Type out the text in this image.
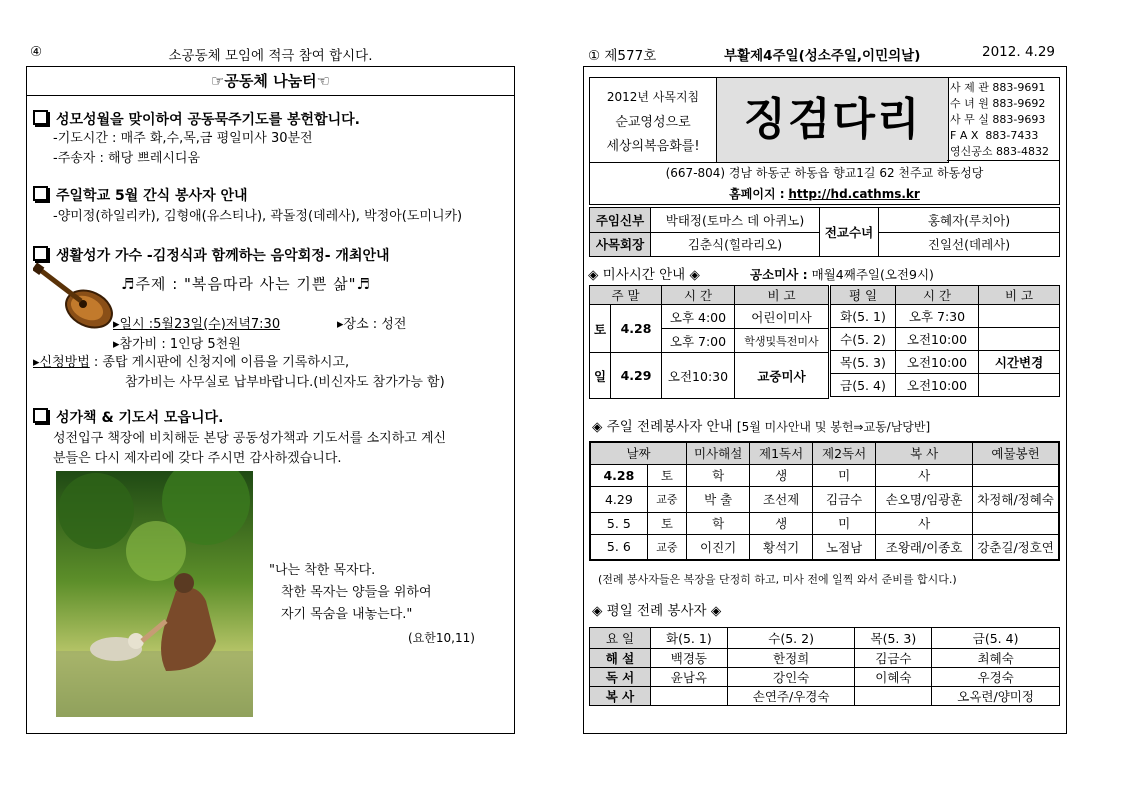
④	소공동체 모임에 적극 참여 합시다.
☞공동체 나눔터☜
성모성월을 맞이하여 공동묵주기도를 봉헌합니다.
-기도시간 : 매주 화,수,목,금 평일미사 30분전
-주송자 : 해당 쁘레시디움
주일학교 5월 간식 봉사자 안내
-양미정(하일리카), 김형애(유스티나), 곽돌정(데레사), 박정아(도미니카)
생활성가 가수 -김정식과 함께하는 음악회정- 개최안내
♬주제 : "복음따라 사는 기쁜 삶"♬
▸일시 :5월23일(수)저녁7:30	▸장소 : 성전
▸참가비 : 1인당 5천원
▸신청방법 : 종탑 게시판에 신청지에 이름을 기록하시고,
참가비는 사무실로 납부바랍니다.(비신자도 참가가능 함)
성가책 & 기도서 모읍니다.
성전입구 책장에 비치해둔 본당 공동성가책과 기도서를 소지하고 계신
분들은 다시 제자리에 갖다 주시면 감사하겠습니다.
"나는 착한 목자다.
착한 목자는 양들을 위하여
자기 목숨을 내놓는다."
(요한10,11)
① 제577호	부활제4주일(성소주일,이민의날)	2012. 4.29
2012년 사목지침
순교영성으로
세상의복음화를!
징검다리
사 제 관 883-9691
수 녀 원 883-9692
사 무 실 883-9693
F A X 883-7433
영신공소 883-4832
(667-804) 경남 하동군 하동읍 향교1길 62 천주교 하동성당
홈페이지 : http://hd.cathms.kr
주임신부	박태정(토마스 데 아퀴노)	전교수녀	홍혜자(루치아)
사목회장	김춘식(힐라리오)		진일선(데레사)
◈ 미사시간 안내 ◈	공소미사 : 매월4째주일(오전9시)
주 말		시 간	비 고
토	4.28	오후 4:00	어린이미사
		오후 7:00	학생및특전미사
일	4.29	오전10:30	교중미사
평 일	시 간	비 고
화(5. 1)	오후 7:30	
수(5. 2)	오전10:00	
목(5. 3)	오전10:00	시간변경
금(5. 4)	오전10:00	
◈ 주일 전례봉사자 안내 [5월 미사안내 및 봉헌⇒교동/남당반]
날짜		미사해설	제1독서	제2독서	복 사	예물봉헌
4.28	토	학	생	미	사	
4.29	교중	박 출	조선제	김금수	손오명/임광훈	차정해/정혜숙
5. 5	토	학	생	미	사	
5. 6	교중	이진기	황석기	노점남	조왕래/이종호	강춘길/정호연
(전례 봉사자들은 복장을 단정히 하고, 미사 전에 일찍 와서 준비를 합시다.)
◈ 평일 전례 봉사자 ◈
요 일	화(5. 1)	수(5. 2)	목(5. 3)	금(5. 4)
해 설	백경동	한정희	김금수	최혜숙
독 서	윤남옥	강인숙	이혜숙	우경숙
복 사		손연주/우경숙		오옥련/양미정
